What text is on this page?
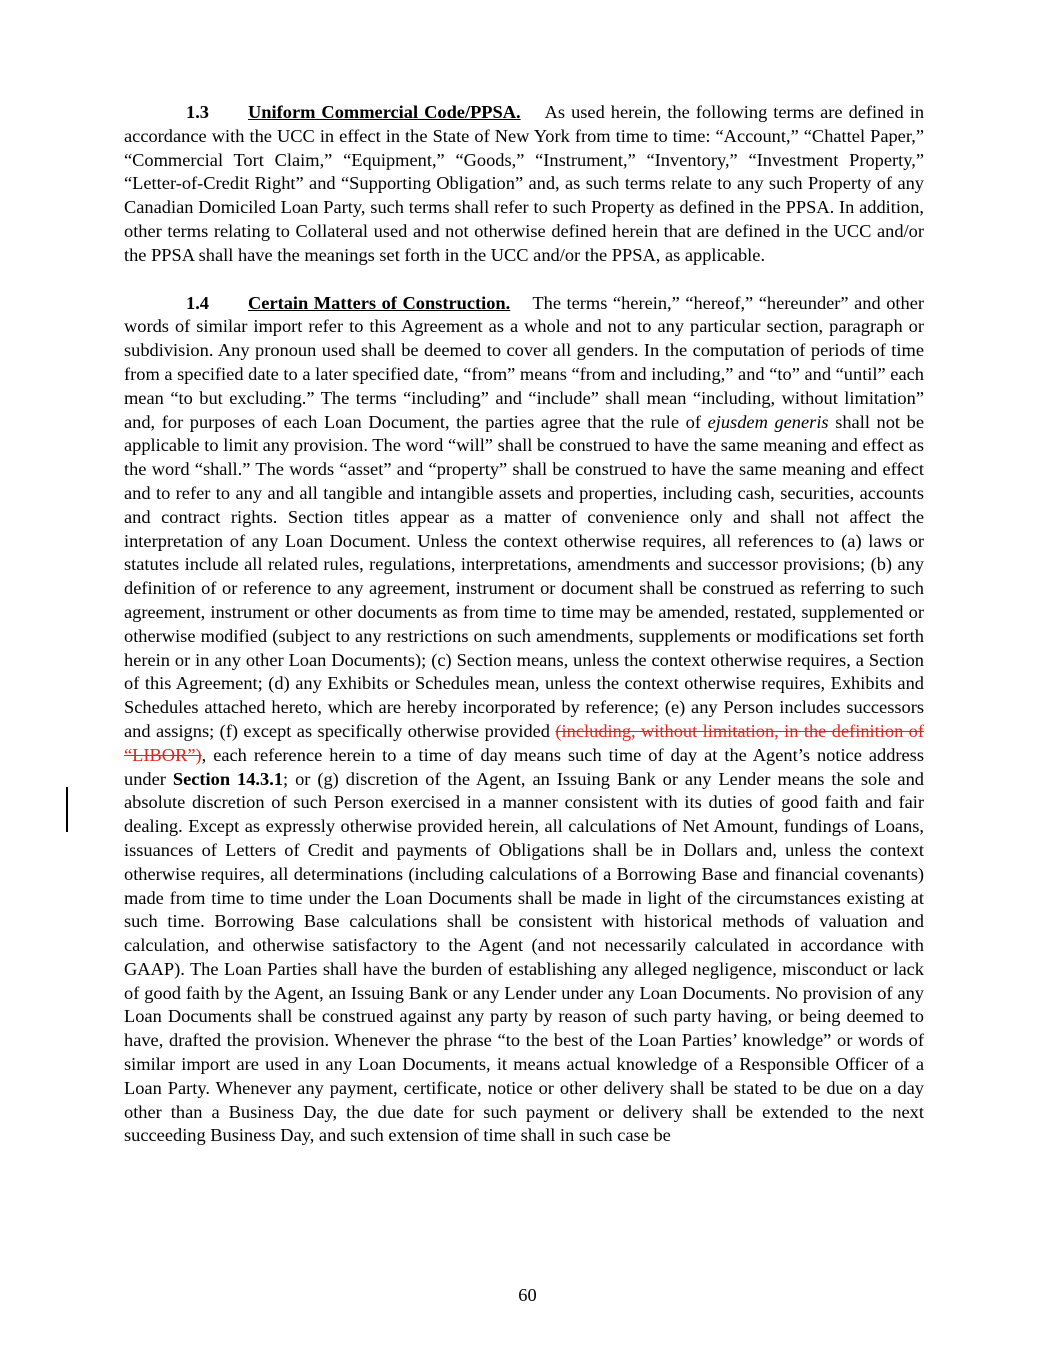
1.3 Uniform Commercial Code/PPSA. As used herein, the following terms are defined in accordance with the UCC in effect in the State of New York from time to time: “Account,” “Chattel Paper,” “Commercial Tort Claim,” “Equipment,” “Goods,” “Instrument,” “Inventory,” “Investment Property,” “Letter-of-Credit Right” and “Supporting Obligation” and, as such terms relate to any such Property of any Canadian Domiciled Loan Party, such terms shall refer to such Property as defined in the PPSA. In addition, other terms relating to Collateral used and not otherwise defined herein that are defined in the UCC and/or the PPSA shall have the meanings set forth in the UCC and/or the PPSA, as applicable.

1.4 Certain Matters of Construction. The terms “herein,” “hereof,” “hereunder” and other words of similar import refer to this Agreement as a whole and not to any particular section, paragraph or subdivision. Any pronoun used shall be deemed to cover all genders. In the computation of periods of time from a specified date to a later specified date, “from” means “from and including,” and “to” and “until” each mean “to but excluding.” The terms “including” and “include” shall mean “including, without limitation” and, for purposes of each Loan Document, the parties agree that the rule of ejusdem generis shall not be applicable to limit any provision. The word “will” shall be construed to have the same meaning and effect as the word “shall.” The words “asset” and “property” shall be construed to have the same meaning and effect and to refer to any and all tangible and intangible assets and properties, including cash, securities, accounts and contract rights. Section titles appear as a matter of convenience only and shall not affect the interpretation of any Loan Document. Unless the context otherwise requires, all references to (a) laws or statutes include all related rules, regulations, interpretations, amendments and successor provisions; (b) any definition of or reference to any agreement, instrument or document shall be construed as referring to such agreement, instrument or other documents as from time to time may be amended, restated, supplemented or otherwise modified (subject to any restrictions on such amendments, supplements or modifications set forth herein or in any other Loan Documents); (c) Section means, unless the context otherwise requires, a Section of this Agreement; (d) any Exhibits or Schedules mean, unless the context otherwise requires, Exhibits and Schedules attached hereto, which are hereby incorporated by reference; (e) any Person includes successors and assigns; (f) except as specifically otherwise provided (including, without limitation, in the definition of “LIBOR”), each reference herein to a time of day means such time of day at the Agent’s notice address under Section 14.3.1; or (g) discretion of the Agent, an Issuing Bank or any Lender means the sole and absolute discretion of such Person exercised in a manner consistent with its duties of good faith and fair dealing. Except as expressly otherwise provided herein, all calculations of Net Amount, fundings of Loans, issuances of Letters of Credit and payments of Obligations shall be in Dollars and, unless the context otherwise requires, all determinations (including calculations of a Borrowing Base and financial covenants) made from time to time under the Loan Documents shall be made in light of the circumstances existing at such time. Borrowing Base calculations shall be consistent with historical methods of valuation and calculation, and otherwise satisfactory to the Agent (and not necessarily calculated in accordance with GAAP). The Loan Parties shall have the burden of establishing any alleged negligence, misconduct or lack of good faith by the Agent, an Issuing Bank or any Lender under any Loan Documents. No provision of any Loan Documents shall be construed against any party by reason of such party having, or being deemed to have, drafted the provision. Whenever the phrase “to the best of the Loan Parties’ knowledge” or words of similar import are used in any Loan Documents, it means actual knowledge of a Responsible Officer of a Loan Party. Whenever any payment, certificate, notice or other delivery shall be stated to be due on a day other than a Business Day, the due date for such payment or delivery shall be extended to the next succeeding Business Day, and such extension of time shall in such case be

60
